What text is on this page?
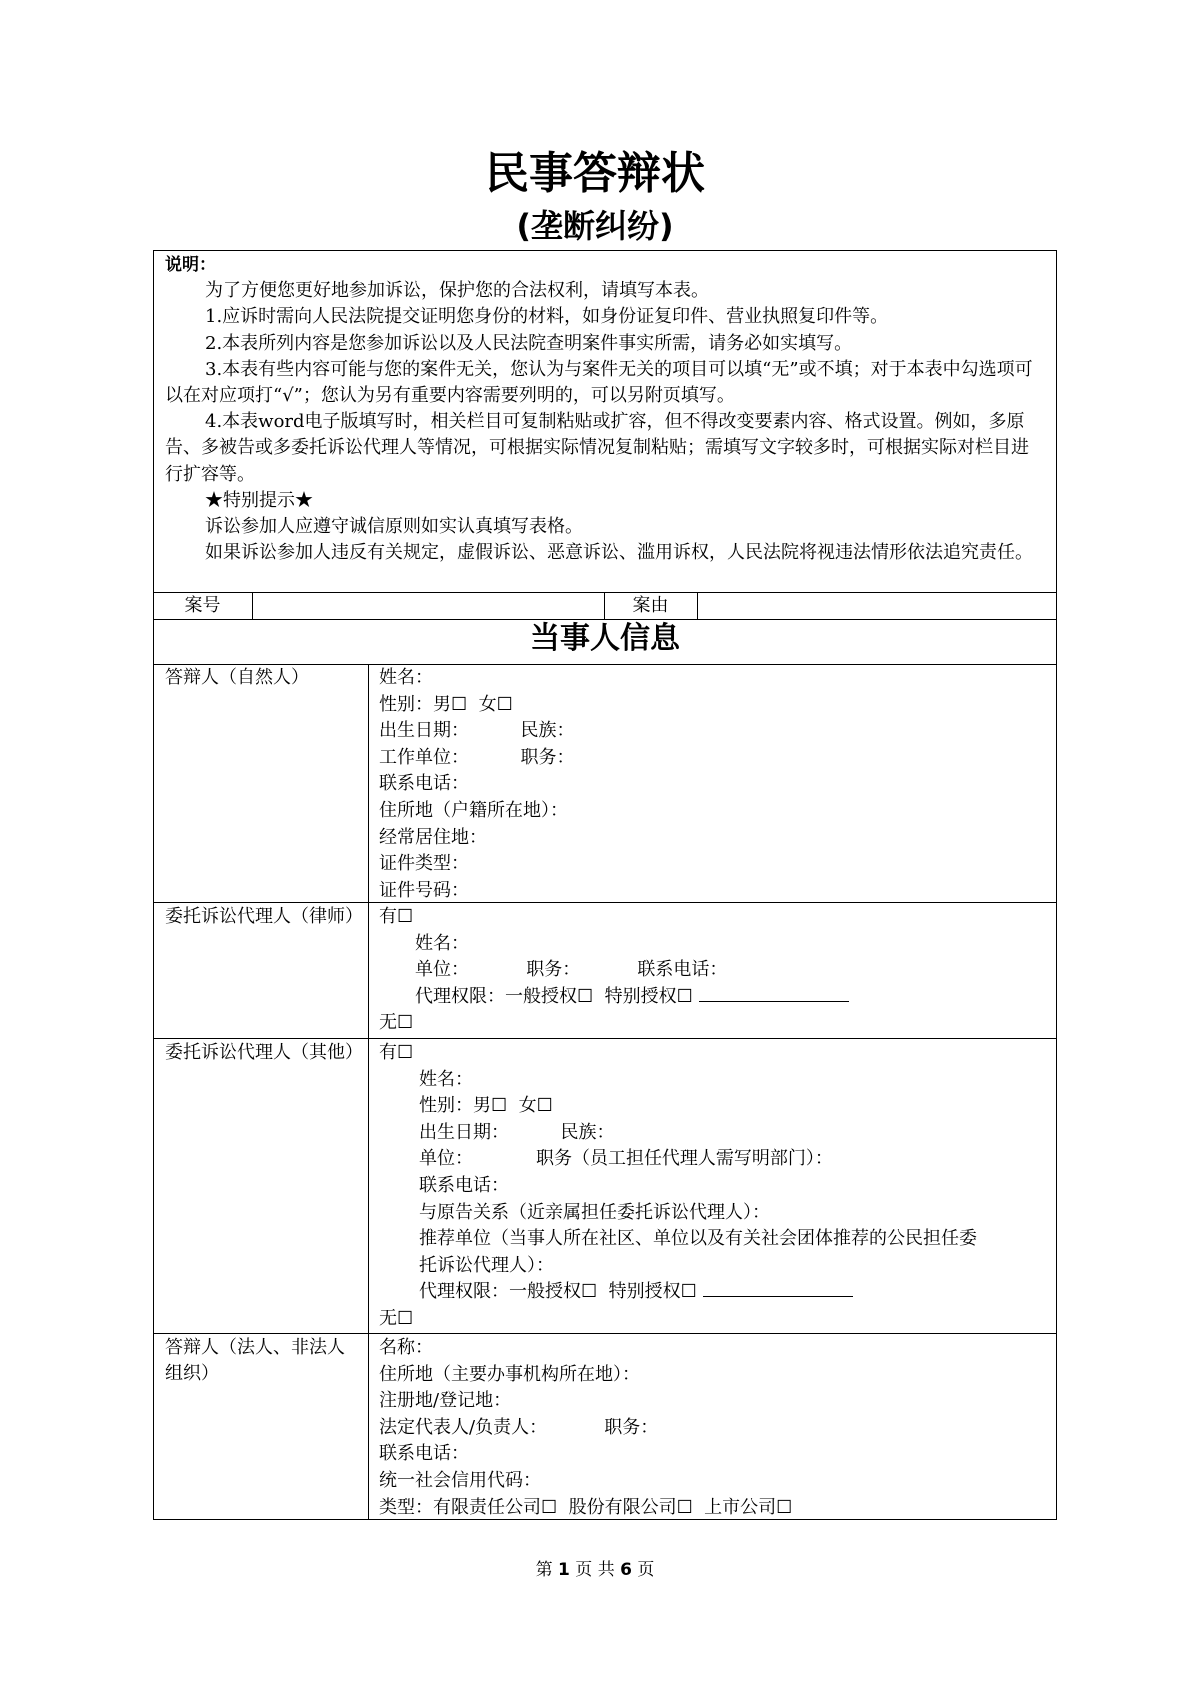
民事答辩状
(垄断纠纷)

说明：

为了方便您更好地参加诉讼，保护您的合法权利，请填写本表。

1.应诉时需向人民法院提交证明您身份的材料，如身份证复印件、营业执照复印件等。

2.本表所列内容是您参加诉讼以及人民法院查明案件事实所需，请务必如实填写。

3.本表有些内容可能与您的案件无关，您认为与案件无关的项目可以填“无”或不填；对于本表中勾选项可以在对应项打“√”；您认为另有重要内容需要列明的，可以另附页填写。

4.本表word电子版填写时，相关栏目可复制粘贴或扩容，但不得改变要素内容、格式设置。例如，多原告、多被告或多委托诉讼代理人等情况，可根据实际情况复制粘贴；需填写文字较多时，可根据实际对栏目进行扩容等。

★特别提示★

诉讼参加人应遵守诚信原则如实认真填写表格。

如果诉讼参加人违反有关规定，虚假诉讼、恶意诉讼、滥用诉权，人民法院将视违法情形依法追究责任。

案号	案由
当事人信息
答辩人（自然人）	姓名：
性别：男☐  女☐
出生日期：         民族：
工作单位：         职务：
联系电话：
住所地（户籍所在地）：
经常居住地：
证件类型：
证件号码：
委托诉讼代理人（律师） 有☐
姓名：
单位：          职务：          联系电话：
代理权限：一般授权☐  特别授权☐
无☐
委托诉讼代理人（其他） 有☐
姓名：
性别：男☐  女☐
出生日期：         民族：
单位：           职务（员工担任代理人需写明部门）：
联系电话：
与原告关系（近亲属担任委托诉讼代理人）：
推荐单位（当事人所在社区、单位以及有关社会团体推荐的公民担任委
托诉讼代理人）：
代理权限：一般授权☐  特别授权☐
无☐
答辩人（法人、非法人组织）
名称：
住所地（主要办事机构所在地）：
注册地/登记地：
法定代表人/负责人：          职务：
联系电话：
统一社会信用代码：
类型：有限责任公司☐  股份有限公司☐  上市公司☐
第 1 页 共 6 页
